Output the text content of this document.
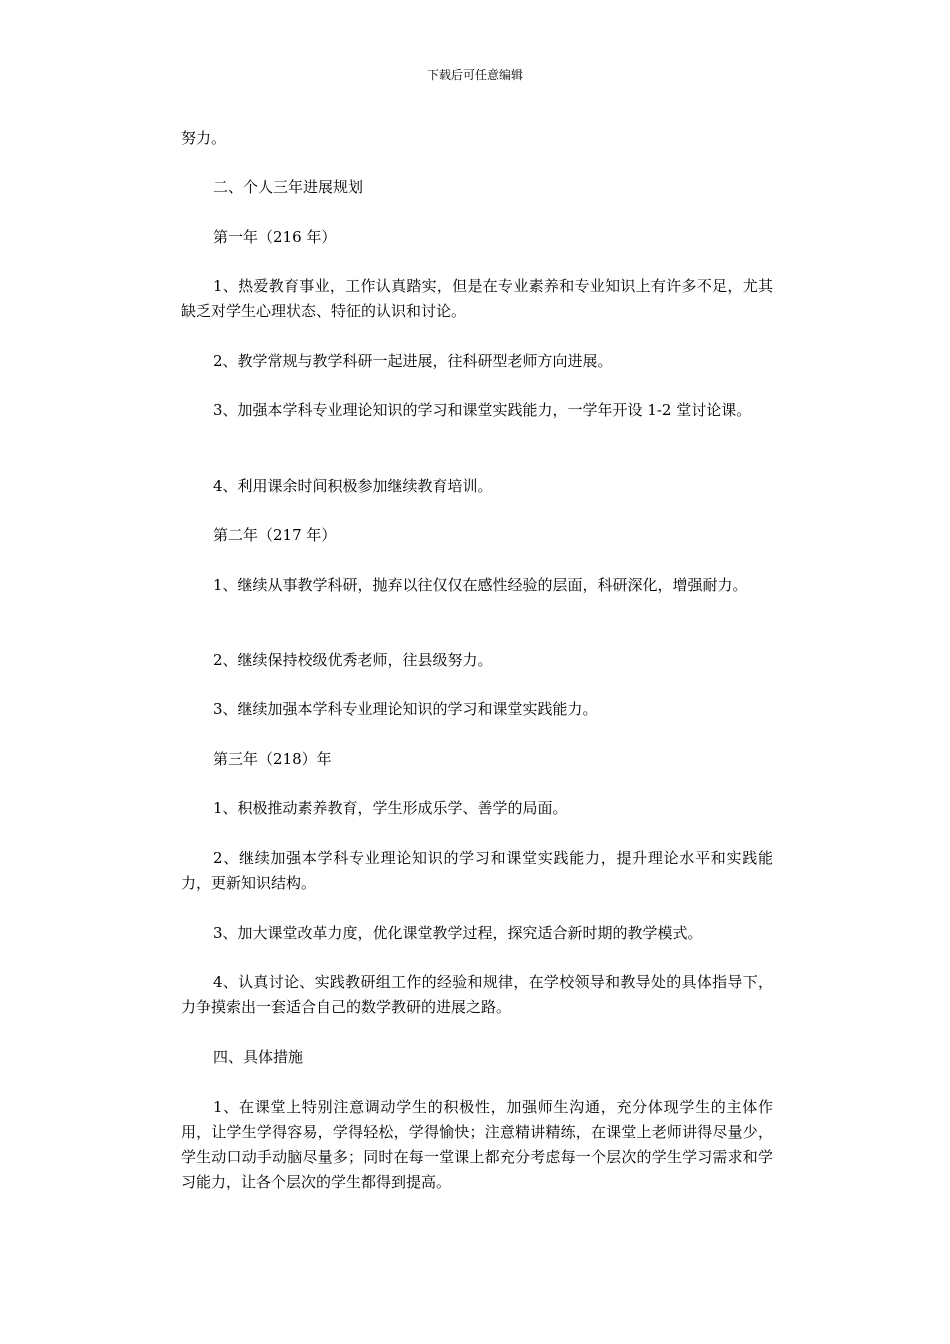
下载后可任意编辑

努力。

二、个人三年进展规划

第一年（216 年）

1、热爱教育事业，工作认真踏实，但是在专业素养和专业知识上有许多不足，尤其缺乏对学生心理状态、特征的认识和讨论。

2、教学常规与教学科研一起进展，往科研型老师方向进展。

3、加强本学科专业理论知识的学习和课堂实践能力，一学年开设 1-2 堂讨论课。

4、利用课余时间积极参加继续教育培训。

第二年（217 年）

1、继续从事教学科研，抛弃以往仅仅在感性经验的层面，科研深化，增强耐力。

2、继续保持校级优秀老师，往县级努力。

3、继续加强本学科专业理论知识的学习和课堂实践能力。

第三年（218）年

1、积极推动素养教育，学生形成乐学、善学的局面。

2、继续加强本学科专业理论知识的学习和课堂实践能力，提升理论水平和实践能力，更新知识结构。

3、加大课堂改革力度，优化课堂教学过程，探究适合新时期的教学模式。

4、认真讨论、实践教研组工作的经验和规律，在学校领导和教导处的具体指导下，力争摸索出一套适合自己的数学教研的进展之路。

四、具体措施

1、在课堂上特别注意调动学生的积极性，加强师生沟通，充分体现学生的主体作用，让学生学得容易，学得轻松，学得愉快；注意精讲精练，在课堂上老师讲得尽量少，学生动口动手动脑尽量多；同时在每一堂课上都充分考虑每一个层次的学生学习需求和学习能力，让各个层次的学生都得到提高。
